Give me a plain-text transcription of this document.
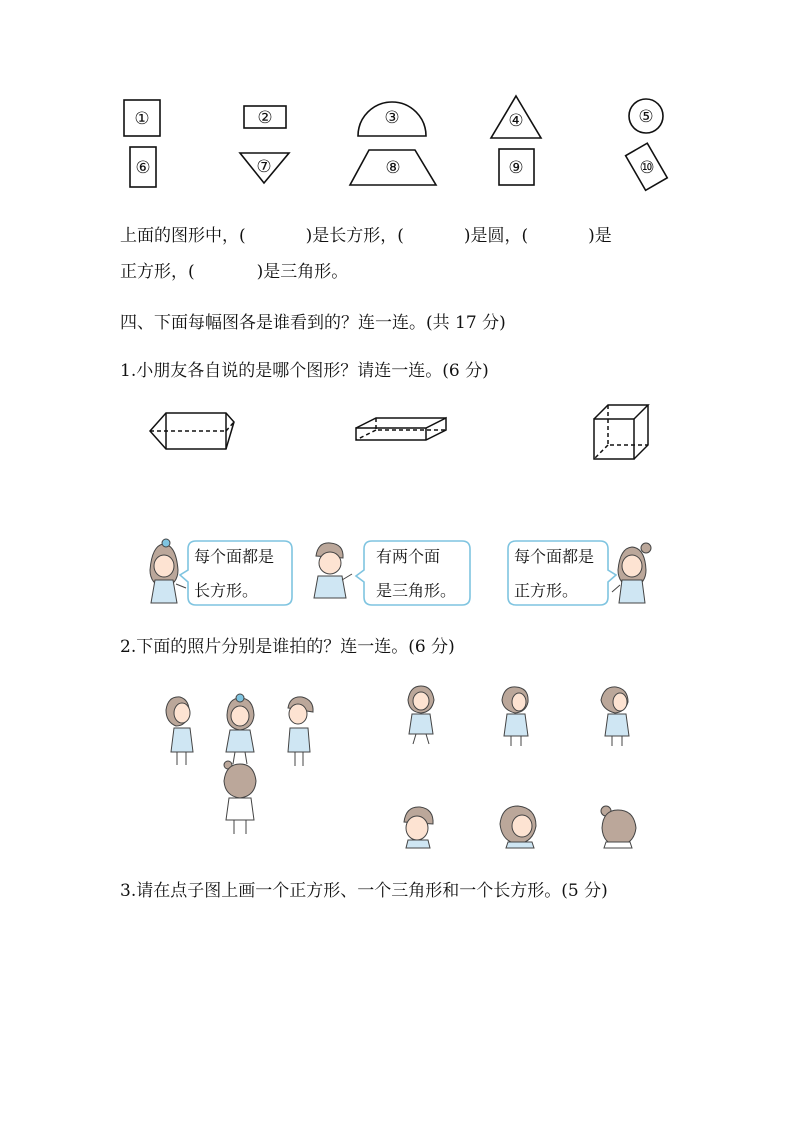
①	②	③	④	⑤
⑥	⑦	⑧	⑨	⑩
上面的图形中，(	)是长方形，(	)是圆，(	)是
正方形，(	)是三角形。
四、下面每幅图各是谁看到的？连一连。(共 17 分)
1.小朋友各自说的是哪个图形？请连一连。(6 分)
每个面都是
长方形。
有两个面
是三角形。
每个面都是
正方形。
2.下面的照片分别是谁拍的？连一连。(6 分)
3.请在点子图上画一个正方形、一个三角形和一个长方形。(5 分)
